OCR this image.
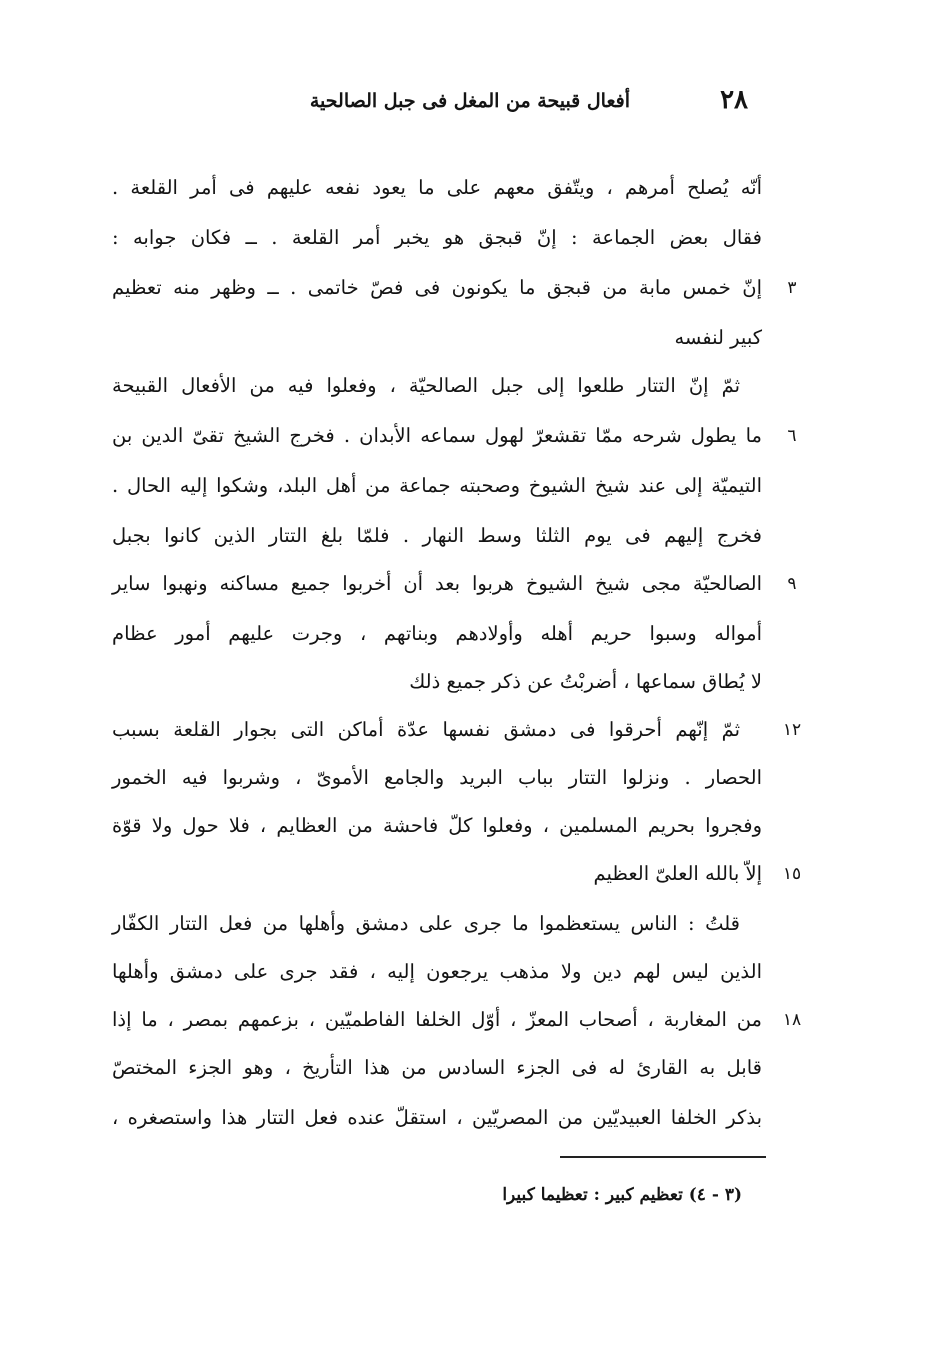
٢٨
أفعال قبيحة من المغل فى جبل الصالحية
أنّه يُصلح أمرهم ، ويتّفق معهم على ما يعود نفعه عليهم فى أمر القلعة .
فقال بعض الجماعة : إنّ قبجق هو يخبر أمر القلعة . ــ فكان جوابه :
إنّ خمس مابة من قبجق ما يكونون فى فصّ خاتمى . ــ وظهر منه تعظيم	٣
كبير لنفسه
ثمّ إنّ التتار طلعوا إلى جبل الصالحيّة ، وفعلوا فيه من الأفعال القبيحة
ما يطول شرحه ممّا تقشعرّ لهول سماعه الأبدان . فخرج الشيخ تقىّ الدين بن	٦
التيميّة إلى عند شيخ الشيوخ وصحبته جماعة من أهل البلد، وشكوا إليه الحال .
فخرج إليهم فى يوم الثلثا وسط النهار . فلمّا بلغ التتار الذين كانوا بجبل
الصالحيّة مجى شيخ الشيوخ هربوا بعد أن أخربوا جميع مساكنه ونهبوا ساير	٩
أمواله وسبوا حريم أهله وأولادهم وبناتهم ، وجرت عليهم أمور عظام
لا يُطاق سماعها ، أضربْتُ عن ذكر جميع ذلك
ثمّ إنّهم أحرقوا فى دمشق نفسها عدّة أماكن التى بجوار القلعة بسبب	١٢
الحصار . ونزلوا التتار بباب البريد والجامع الأموىّ ، وشربوا فيه الخمور
وفجروا بحريم المسلمين ، وفعلوا كلّ فاحشة من العظايم ، فلا حول ولا قوّة
إلاّ بالله العلىّ العظيم	١٥
قلتُ : الناس يستعظموا ما جرى على دمشق وأهلها من فعل التتار الكفّار
الذين ليس لهم دين ولا مذهب يرجعون إليه ، فقد جرى على دمشق وأهلها
من المغاربة ، أصحاب المعزّ ، أوّل الخلفا الفاطميّين ، بزعمهم بمصر ، ما إذا	١٨
قابل به القارئ له فى الجزء السادس من هذا التأريخ ، وهو الجزء المختصّ
بذكر الخلفا العبيديّين من المصريّين ، استقلّ عنده فعل التتار هذا واستصغره ،
(٣ - ٤) تعظيم كبير : تعظيما كبيرا
